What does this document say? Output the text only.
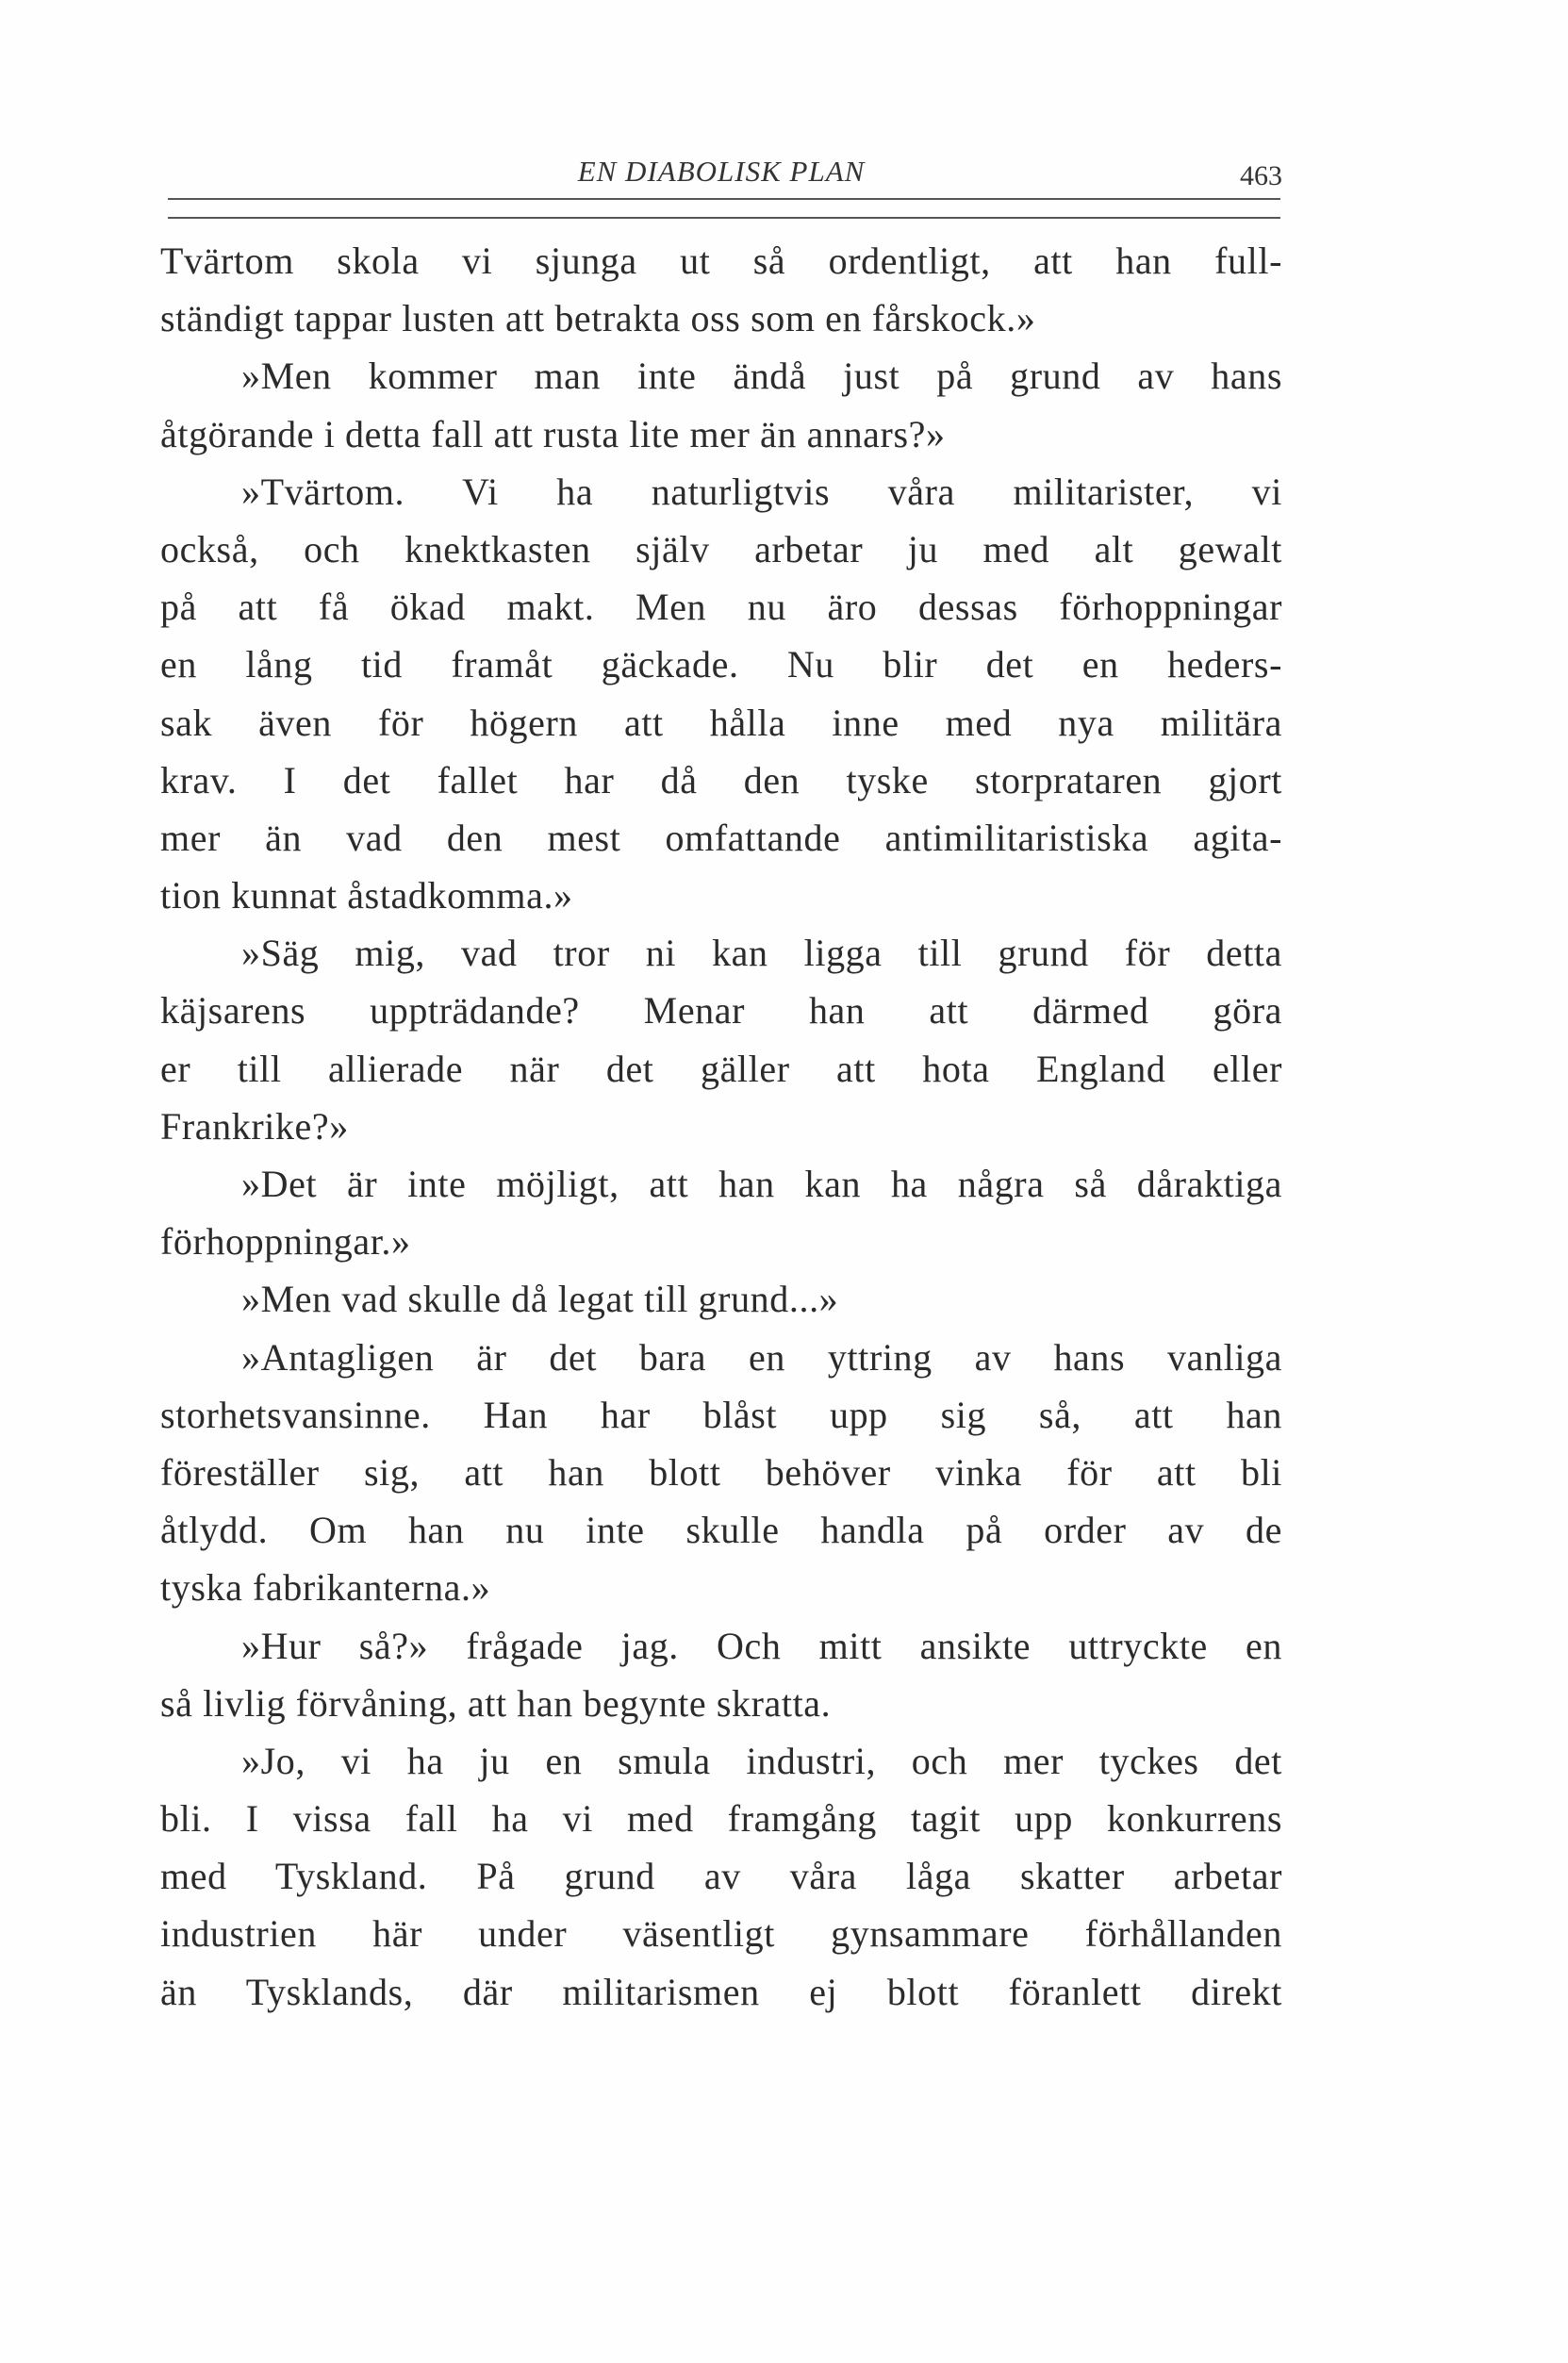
EN DIABOLISK PLAN	463
Tvärtom skola vi sjunga ut så ordentligt, att han full-
ständigt tappar lusten att betrakta oss som en fårskock.»
»Men kommer man inte ändå just på grund av hans
åtgörande i detta fall att rusta lite mer än annars?»
»Tvärtom. Vi ha naturligtvis våra militarister, vi
också, och knektkasten själv arbetar ju med alt gewalt
på att få ökad makt. Men nu äro dessas förhoppningar
en lång tid framåt gäckade. Nu blir det en heders-
sak även för högern att hålla inne med nya militära
krav. I det fallet har då den tyske storprataren gjort
mer än vad den mest omfattande antimilitaristiska agita-
tion kunnat åstadkomma.»
»Säg mig, vad tror ni kan ligga till grund för detta
käjsarens uppträdande? Menar han att därmed göra
er till allierade när det gäller att hota England eller
Frankrike?»
»Det är inte möjligt, att han kan ha några så dåraktiga
förhoppningar.»
»Men vad skulle då legat till grund...»
»Antagligen är det bara en yttring av hans vanliga
storhetsvansinne. Han har blåst upp sig så, att han
föreställer sig, att han blott behöver vinka för att bli
åtlydd. Om han nu inte skulle handla på order av de
tyska fabrikanterna.»
»Hur så?» frågade jag. Och mitt ansikte uttryckte en
så livlig förvåning, att han begynte skratta.
»Jo, vi ha ju en smula industri, och mer tyckes det
bli. I vissa fall ha vi med framgång tagit upp konkurrens
med Tyskland. På grund av våra låga skatter arbetar
industrien här under väsentligt gynsammare förhållanden
än Tysklands, där militarismen ej blott föranlett direkt
